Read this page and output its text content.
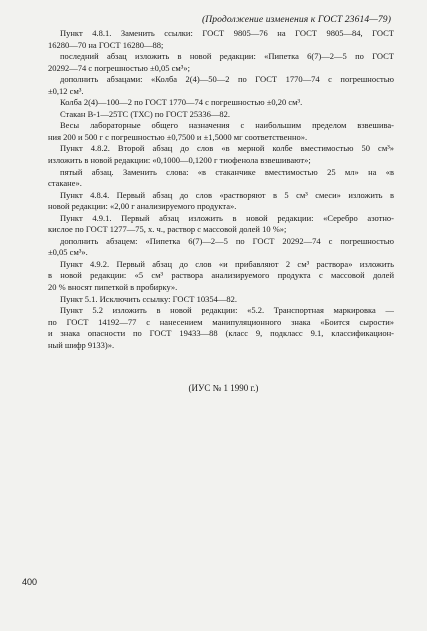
(Продолжение изменения к ГОСТ 23614—79)
Пункт 4.8.1. Заменить ссылки: ГОСТ 9805—76 на ГОСТ 9805—84, ГОСТ
16280—70 на ГОСТ 16280—88;
последний абзац изложить в новой редакции: «Пипетка 6(7)—2—5 по ГОСТ
20292—74 с погрешностью ±0,05 см³»;
дополнить абзацами: «Колба 2(4)—50—2 по ГОСТ 1770—74 с погрешностью
±0,12 см³.
Колба 2(4)—100—2 по ГОСТ 1770—74 с погрешностью ±0,20 см³.
Стакан В-1—25ТС (ТХС) по ГОСТ 25336—82.
Весы лабораторные общего назначения с наибольшим пределом взвешива-
ния 200 и 500 г с погрешностью ±0,7500 и ±1,5000 мг соответственно».
Пункт 4.8.2. Второй абзац до слов «в мерной колбе вместимостью 50 см³»
изложить в новой редакции: «0,1000—0,1200 г тиофенола взвешивают»;
пятый абзац. Заменить слова: «в стаканчике вместимостью 25 мл» на «в
стакане».
Пункт 4.8.4. Первый абзац до слов «растворяют в 5 см³ смеси» изложить в
новой редакции: «2,00 г анализируемого продукта».
Пункт 4.9.1. Первый абзац изложить в новой редакции: «Серебро азотно-
кислое по ГОСТ 1277—75, х. ч., раствор с массовой долей 10 %»;
дополнить абзацем: «Пипетка 6(7)—2—5 по ГОСТ 20292—74 с погрешностью
±0,05 см³».
Пункт 4.9.2. Первый абзац до слов «и прибавляют 2 см³ раствора» изложить
в новой редакции: «5 см³ раствора анализируемого продукта с массовой долей
20 % вносят пипеткой в пробирку».
Пункт 5.1. Исключить ссылку: ГОСТ 10354—82.
Пункт 5.2 изложить в новой редакции: «5.2. Транспортная маркировка —
по ГОСТ 14192—77 с нанесением манипуляционного знака «Боится сырости»
и знака опасности по ГОСТ 19433—88 (класс 9, подкласс 9.1, классификацион-
ный шифр 9133)».
(ИУС № 1 1990 г.)
400
